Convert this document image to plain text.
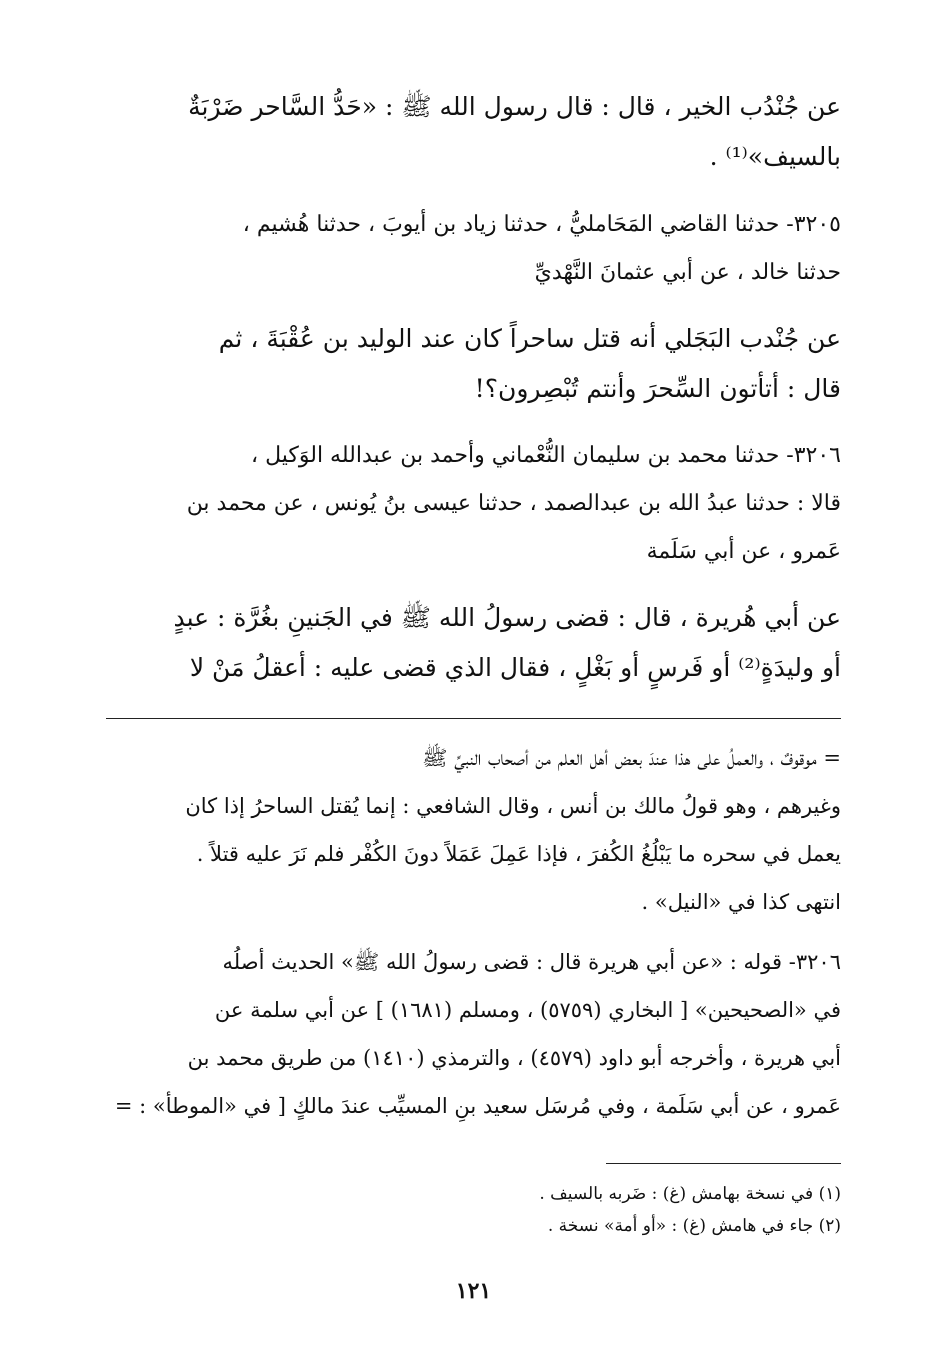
عن جُنْدُب الخير ، قال : قال رسول الله ﷺ : «حَدُّ السَّاحر ضَرْبَةٌ
بالسيف»⁽¹⁾ .
٣٢٠٥- حدثنا القاضي المَحَامليُّ ، حدثنا زياد بن أيوبَ ، حدثنا هُشيم ،
حدثنا خالد ، عن أبي عثمانَ النَّهْديِّ
عن جُنْدب البَجَلي أنه قتل ساحراً كان عند الوليد بن عُقْبَةَ ، ثم
قال : أتأتون السِّحرَ وأنتم تُبْصِرون؟!
٣٢٠٦- حدثنا محمد بن سليمان النُّعْماني وأحمد بن عبدالله الوَكيل ،
قالا : حدثنا عبدُ الله بن عبدالصمد ، حدثنا عيسى بنُ يُونس ، عن محمد بن
عَمرو ، عن أبي سَلَمة
عن أبي هُريرة ، قال : قضى رسولُ الله ﷺ في الجَنينِ بغُرَّة : عبدٍ
أو وليدَةٍ⁽²⁾ أو فَرسٍ أو بَغْلٍ ، فقال الذي قضى عليه : أعقلُ مَنْ لا
= موقوفٌ ، والعملُ على هذا عندَ بعض أهل العلم من أصحاب النبيِّ ﷺ
وغيرهم ، وهو قولُ مالك بن أنس ، وقال الشافعي : إنما يُقتل الساحرُ إذا كان
يعمل في سحره ما يَبْلُغُ الكُفرَ ، فإذا عَمِلَ عَمَلاً دونَ الكُفْر فلم نَرَ عليه قتلاً .
انتهى كذا في «النيل» .
٣٢٠٦- قوله : «عن أبي هريرة قال : قضى رسولُ الله ﷺ» الحديث أصلُه
في «الصحيحين» [ البخاري (٥٧٥٩) ، ومسلم (١٦٨١) ] عن أبي سلمة عن
أبي هريرة ، وأخرجه أبو داود (٤٥٧٩) ، والترمذي (١٤١٠) من طريق محمد بن
عَمرو ، عن أبي سَلَمة ، وفي مُرسَل سعيد بنِ المسيِّب عندَ مالكٍ [ في «الموطأ» : =
(١) في نسخة بهامش (غ) : ضَربه بالسيف .
(٢) جاء في هامش (غ) : «أو أمة» نسخة .
١٢١
